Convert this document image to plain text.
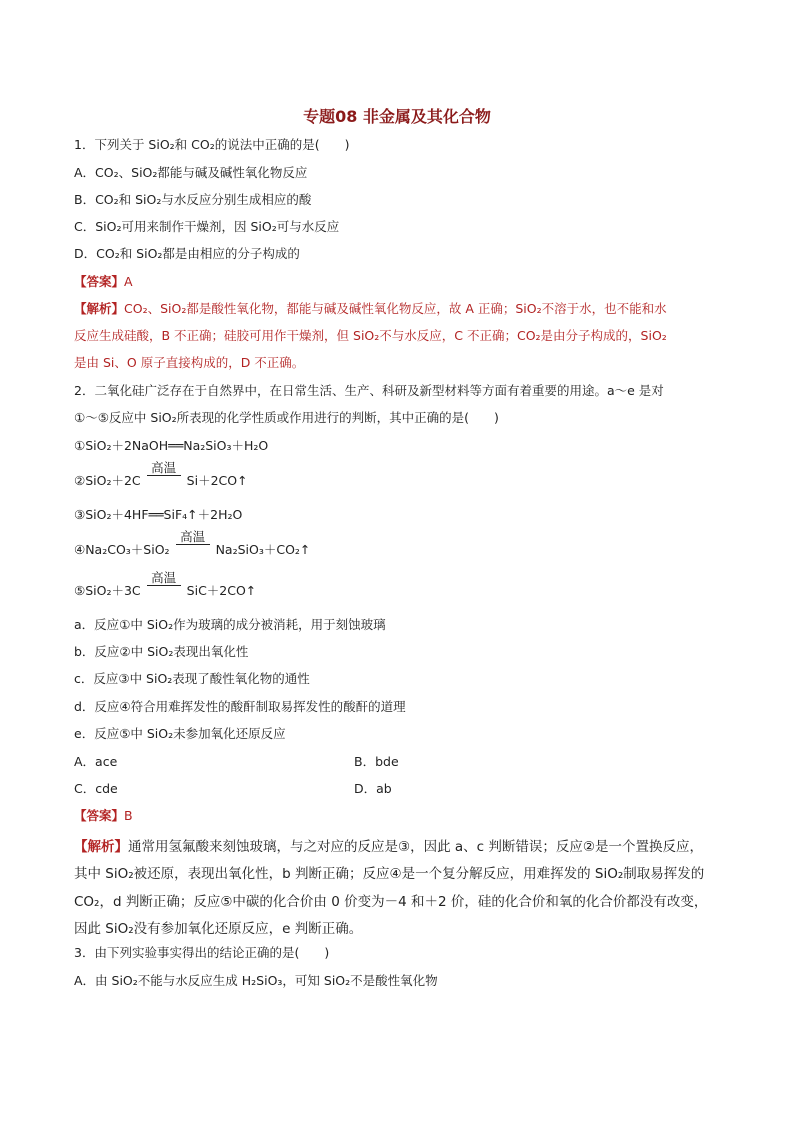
专题08 非金属及其化合物
1．下列关于 SiO₂和 CO₂的说法中正确的是(　　)
A．CO₂、SiO₂都能与碱及碱性氧化物反应
B．CO₂和 SiO₂与水反应分别生成相应的酸
C．SiO₂可用来制作干燥剂，因 SiO₂可与水反应
D．CO₂和 SiO₂都是由相应的分子构成的
【答案】A
【解析】CO₂、SiO₂都是酸性氧化物，都能与碱及碱性氧化物反应，故 A 正确；SiO₂不溶于水，也不能和水
反应生成硅酸，B 不正确；硅胶可用作干燥剂，但 SiO₂不与水反应，C 不正确；CO₂是由分子构成的，SiO₂
是由 Si、O 原子直接构成的，D 不正确。
2．二氧化硅广泛存在于自然界中，在日常生活、生产、科研及新型材料等方面有着重要的用途。a～e 是对
①～⑤反应中 SiO₂所表现的化学性质或作用进行的判断，其中正确的是(　　)
①SiO₂＋2NaOH══Na₂SiO₃＋H₂O
②SiO₂＋2C
高温
Si＋2CO↑
③SiO₂＋4HF══SiF₄↑＋2H₂O
④Na₂CO₃＋SiO₂
高温
Na₂SiO₃＋CO₂↑
⑤SiO₂＋3C
高温
SiC＋2CO↑
a．反应①中 SiO₂作为玻璃的成分被消耗，用于刻蚀玻璃
b．反应②中 SiO₂表现出氧化性
c．反应③中 SiO₂表现了酸性氧化物的通性
d．反应④符合用难挥发性的酸酐制取易挥发性的酸酐的道理
e．反应⑤中 SiO₂未参加氧化还原反应
A．ace	B．bde
C．cde	D．ab
【答案】B
【解析】通常用氢氟酸来刻蚀玻璃，与之对应的反应是③，因此 a、c 判断错误；反应②是一个置换反应，
其中 SiO₂被还原，表现出氧化性，b 判断正确；反应④是一个复分解反应，用难挥发的 SiO₂制取易挥发的
CO₂，d 判断正确；反应⑤中碳的化合价由 0 价变为－4 和＋2 价，硅的化合价和氧的化合价都没有改变，
因此 SiO₂没有参加氧化还原反应，e 判断正确。
3．由下列实验事实得出的结论正确的是(　　)
A．由 SiO₂不能与水反应生成 H₂SiO₃，可知 SiO₂不是酸性氧化物
